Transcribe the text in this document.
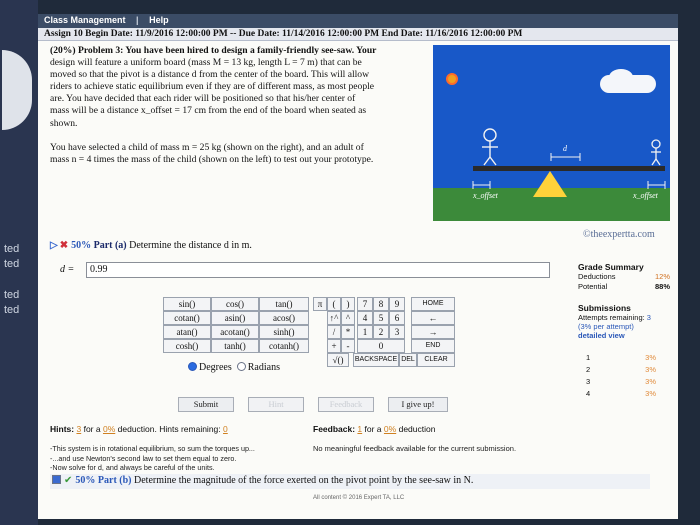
ted
ted
ted
ted
Class Management | Help
Assign 10 Begin Date: 11/9/2016 12:00:00 PM -- Due Date: 11/14/2016 12:00:00 PM End Date: 11/16/2016 12:00:00 PM
(20%) Problem 3: You have been hired to design a family-friendly see-saw. Your
design will feature a uniform board (mass M = 13 kg, length L = 7 m) that can be
moved so that the pivot is a distance d from the center of the board. This will allow
riders to achieve static equilibrium even if they are of different mass, as most people
are. You have decided that each rider will be positioned so that his/her center of
mass will be a distance x_offset = 17 cm from the end of the board when seated as
shown.
You have selected a child of mass m = 25 kg (shown on the right), and an adult of
mass n = 4 times the mass of the child (shown on the left) to test out your prototype.
d
x_offset	x_offset
©theexpertta.com
▷ ✖ 50% Part (a) Determine the distance d in m.
d =	0.99	Grade Summary
Deductions	12%
Potential	88%
Submissions
Attempts remaining: 3
(3% per attempt)
detailed view
1	3%
2	3%
3	3%
4	3%
sin()	cos()	tan()
cotan()	asin()	acos()
atan()	acotan()	sinh()
cosh()	tanh()	cotanh()
π	(	)
↑^ ^
/	*
+	-
√()
7	8	9
4	5	6
1	2	3
0
HOME
←
→
END
BACKSPACE DEL	CLEAR
Degrees Radians
Submit	Hint	Feedback	I give up!
Hints: 3 for a 0% deduction. Hints remaining: 0	Feedback: 1 for a 0% deduction
-This system is in rotational equilibrium, so sum the torques up...
-...and use Newton's second law to set them equal to zero.
-Now solve for d, and always be careful of the units.
No meaningful feedback available for the current submission.
✔ 50% Part (b) Determine the magnitude of the force exerted on the pivot point by the see-saw in N.
All content © 2016 Expert TA, LLC
